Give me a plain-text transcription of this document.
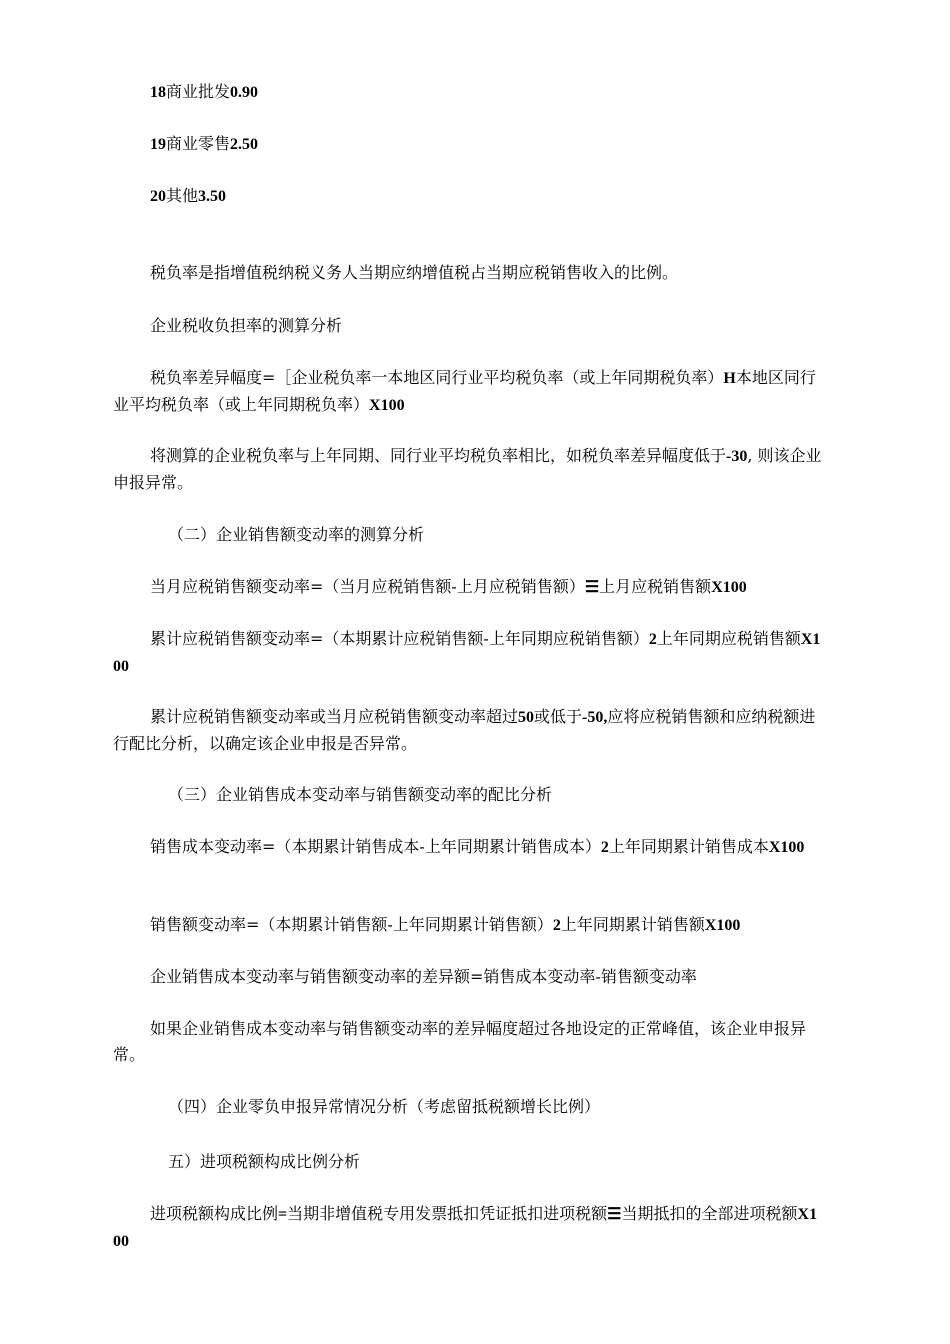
18商业批发0.90

19商业零售2.50

20其他3.50

税负率是指增值税纳税义务人当期应纳增值税占当期应税销售收入的比例。

企业税收负担率的测算分析

税负率差异幅度=［企业税负率一本地区同行业平均税负率（或上年同期税负率）H本地区同行业平均税负率（或上年同期税负率）X100

将测算的企业税负率与上年同期、同行业平均税负率相比，如税负率差异幅度低于-30, 则该企业申报异常。

（二）企业销售额变动率的测算分析

当月应税销售额变动率=（当月应税销售额-上月应税销售额）☰上月应税销售额X100

累计应税销售额变动率=（本期累计应税销售额-上年同期应税销售额）2上年同期应税销售额X100

累计应税销售额变动率或当月应税销售额变动率超过50或低于-50,应将应税销售额和应纳税额进行配比分析，以确定该企业申报是否异常。

（三）企业销售成本变动率与销售额变动率的配比分析

销售成本变动率=（本期累计销售成本-上年同期累计销售成本）2上年同期累计销售成本X100

销售额变动率=（本期累计销售额-上年同期累计销售额）2上年同期累计销售额X100

企业销售成本变动率与销售额变动率的差异额=销售成本变动率-销售额变动率

如果企业销售成本变动率与销售额变动率的差异幅度超过各地设定的正常峰值，该企业申报异常。

（四）企业零负申报异常情况分析（考虑留抵税额增长比例）

五）进项税额构成比例分析

进项税额构成比例=当期非增值税专用发票抵扣凭证抵扣进项税额☰当期抵扣的全部进项税额X100
